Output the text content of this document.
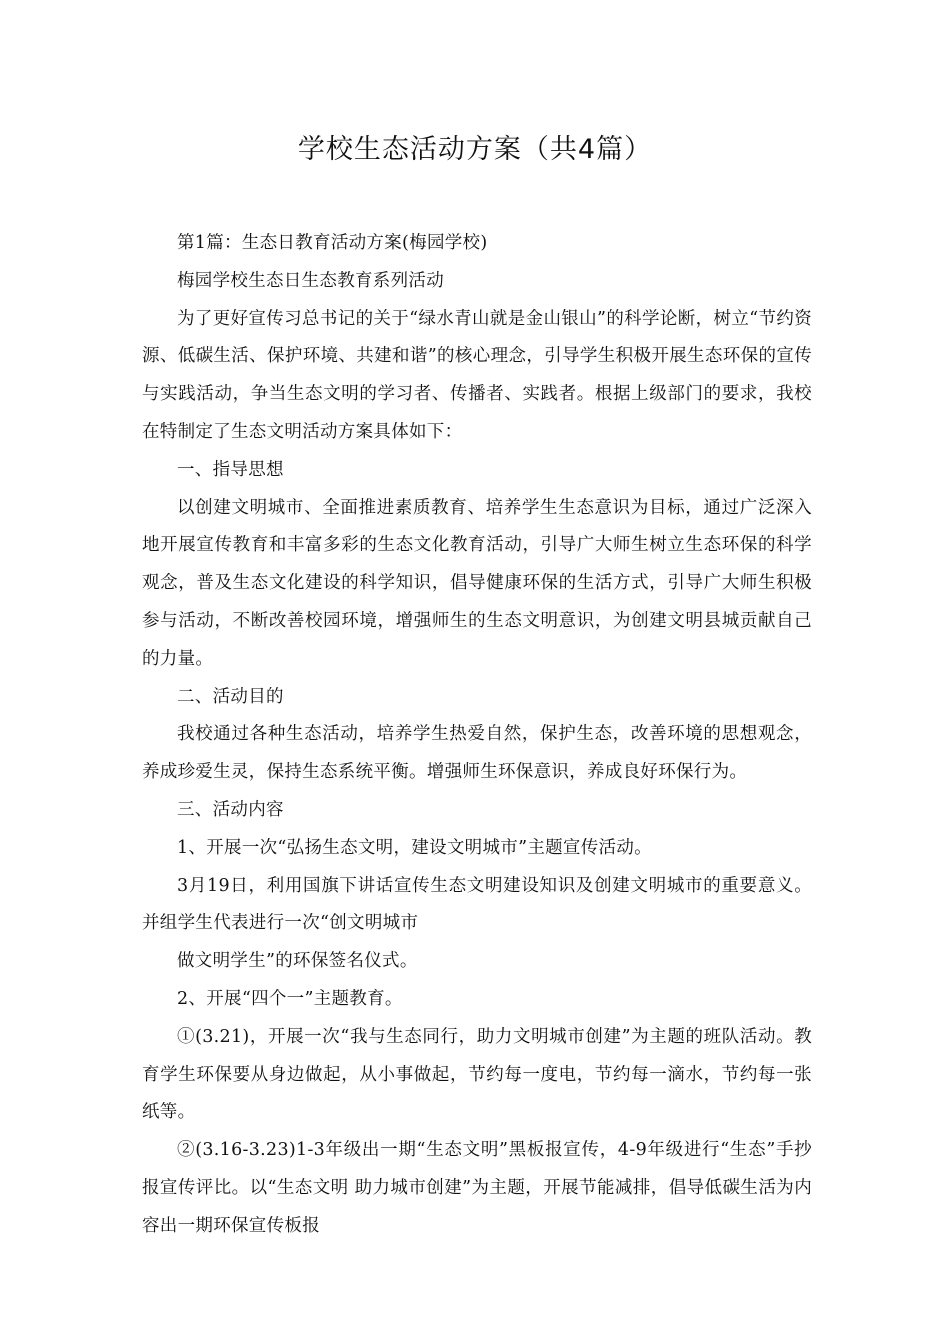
学校生态活动方案（共4篇）

第1篇：生态日教育活动方案(梅园学校)

梅园学校生态日生态教育系列活动

为了更好宣传习总书记的关于“绿水青山就是金山银山”的科学论断，树立“节约资源、低碳生活、保护环境、共建和谐”的核心理念，引导学生积极开展生态环保的宣传与实践活动，争当生态文明的学习者、传播者、实践者。根据上级部门的要求，我校在特制定了生态文明活动方案具体如下：

一、指导思想

以创建文明城市、全面推进素质教育、培养学生生态意识为目标，通过广泛深入地开展宣传教育和丰富多彩的生态文化教育活动，引导广大师生树立生态环保的科学观念，普及生态文化建设的科学知识，倡导健康环保的生活方式，引导广大师生积极参与活动，不断改善校园环境，增强师生的生态文明意识，为创建文明县城贡献自己的力量。

二、活动目的

我校通过各种生态活动，培养学生热爱自然，保护生态，改善环境的思想观念，养成珍爱生灵，保持生态系统平衡。增强师生环保意识，养成良好环保行为。

三、活动内容

1、开展一次“弘扬生态文明，建设文明城市”主题宣传活动。

3月19日，利用国旗下讲话宣传生态文明建设知识及创建文明城市的重要意义。并组学生代表进行一次“创文明城市

做文明学生”的环保签名仪式。

2、开展“四个一”主题教育。

①(3.21)，开展一次“我与生态同行，助力文明城市创建”为主题的班队活动。教育学生环保要从身边做起，从小事做起，节约每一度电，节约每一滴水，节约每一张纸等。

②(3.16-3.23)1-3年级出一期“生态文明”黑板报宣传，4-9年级进行“生态”手抄报宣传评比。以“生态文明 助力城市创建”为主题，开展节能减排，倡导低碳生活为内容出一期环保宣传板报
